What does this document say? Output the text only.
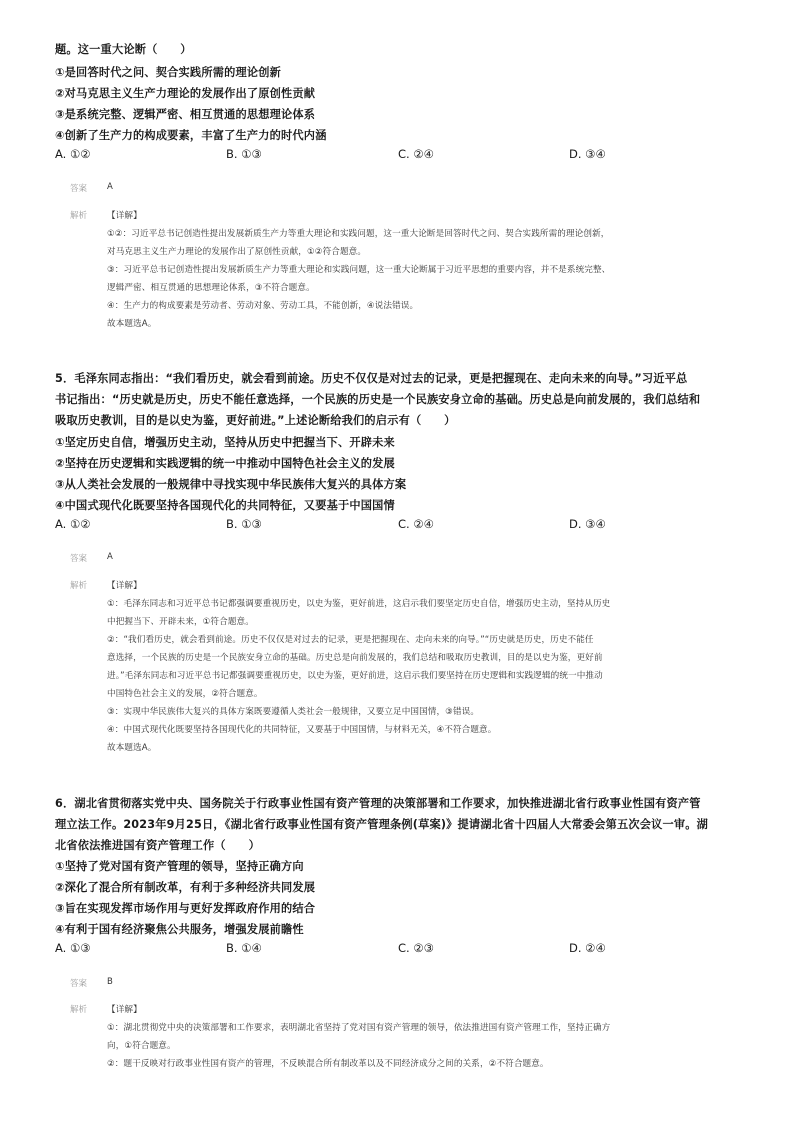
题。这一重大论断（　　）
①是回答时代之问、契合实践所需的理论创新
②对马克思主义生产力理论的发展作出了原创性贡献
③是系统完整、逻辑严密、相互贯通的思想理论体系
④创新了生产力的构成要素，丰富了生产力的时代内涵
A. ①②	B. ①③	C. ②④	D. ③④
答案 A
解析 【详解】
①②：习近平总书记创造性提出发展新质生产力等重大理论和实践问题，这一重大论断是回答时代之问、契合实践所需的理论创新，
对马克思主义生产力理论的发展作出了原创性贡献，①②符合题意。
③：习近平总书记创造性提出发展新质生产力等重大理论和实践问题，这一重大论断属于习近平思想的重要内容，并不是系统完整、
逻辑严密、相互贯通的思想理论体系，③不符合题意。
④：生产力的构成要素是劳动者、劳动对象、劳动工具，不能创新，④说法错误。
故本题选A。
5．毛泽东同志指出：“我们看历史，就会看到前途。历史不仅仅是对过去的记录，更是把握现在、走向未来的向导。”习近平总
书记指出：“历史就是历史，历史不能任意选择，一个民族的历史是一个民族安身立命的基础。历史总是向前发展的，我们总结和
吸取历史教训，目的是以史为鉴，更好前进。”上述论断给我们的启示有（　　）
①坚定历史自信，增强历史主动，坚持从历史中把握当下、开辟未来
②坚持在历史逻辑和实践逻辑的统一中推动中国特色社会主义的发展
③从人类社会发展的一般规律中寻找实现中华民族伟大复兴的具体方案
④中国式现代化既要坚持各国现代化的共同特征，又要基于中国国情
A. ①②	B. ①③	C. ②④	D. ③④
答案 A
解析 【详解】
①：毛泽东同志和习近平总书记都强调要重视历史，以史为鉴，更好前进，这启示我们要坚定历史自信，增强历史主动，坚持从历史
中把握当下、开辟未来，①符合题意。
②：“我们看历史，就会看到前途。历史不仅仅是对过去的记录，更是把握现在、走向未来的向导。”“历史就是历史，历史不能任
意选择，一个民族的历史是一个民族安身立命的基础。历史总是向前发展的，我们总结和吸取历史教训，目的是以史为鉴，更好前
进。”毛泽东同志和习近平总书记都强调要重视历史，以史为鉴，更好前进，这启示我们要坚持在历史逻辑和实践逻辑的统一中推动
中国特色社会主义的发展，②符合题意。
③：实现中华民族伟大复兴的具体方案既要遵循人类社会一般规律，又要立足中国国情，③错误。
④：中国式现代化既要坚持各国现代化的共同特征，又要基于中国国情，与材料无关，④不符合题意。
故本题选A。
6．湖北省贯彻落实党中央、国务院关于行政事业性国有资产管理的决策部署和工作要求，加快推进湖北省行政事业性国有资产管
理立法工作。2023年9月25日，《湖北省行政事业性国有资产管理条例(草案)》提请湖北省十四届人大常委会第五次会议一审。湖
北省依法推进国有资产管理工作（　　）
①坚持了党对国有资产管理的领导，坚持正确方向
②深化了混合所有制改革，有利于多种经济共同发展
③旨在实现发挥市场作用与更好发挥政府作用的结合
④有利于国有经济聚焦公共服务，增强发展前瞻性
A. ①③	B. ①④	C. ②③	D. ②④
答案 B
解析 【详解】
①：湖北贯彻党中央的决策部署和工作要求，表明湖北省坚持了党对国有资产管理的领导，依法推进国有资产管理工作，坚持正确方
向，①符合题意。
②：题干反映对行政事业性国有资产的管理，不反映混合所有制改革以及不同经济成分之间的关系，②不符合题意。
